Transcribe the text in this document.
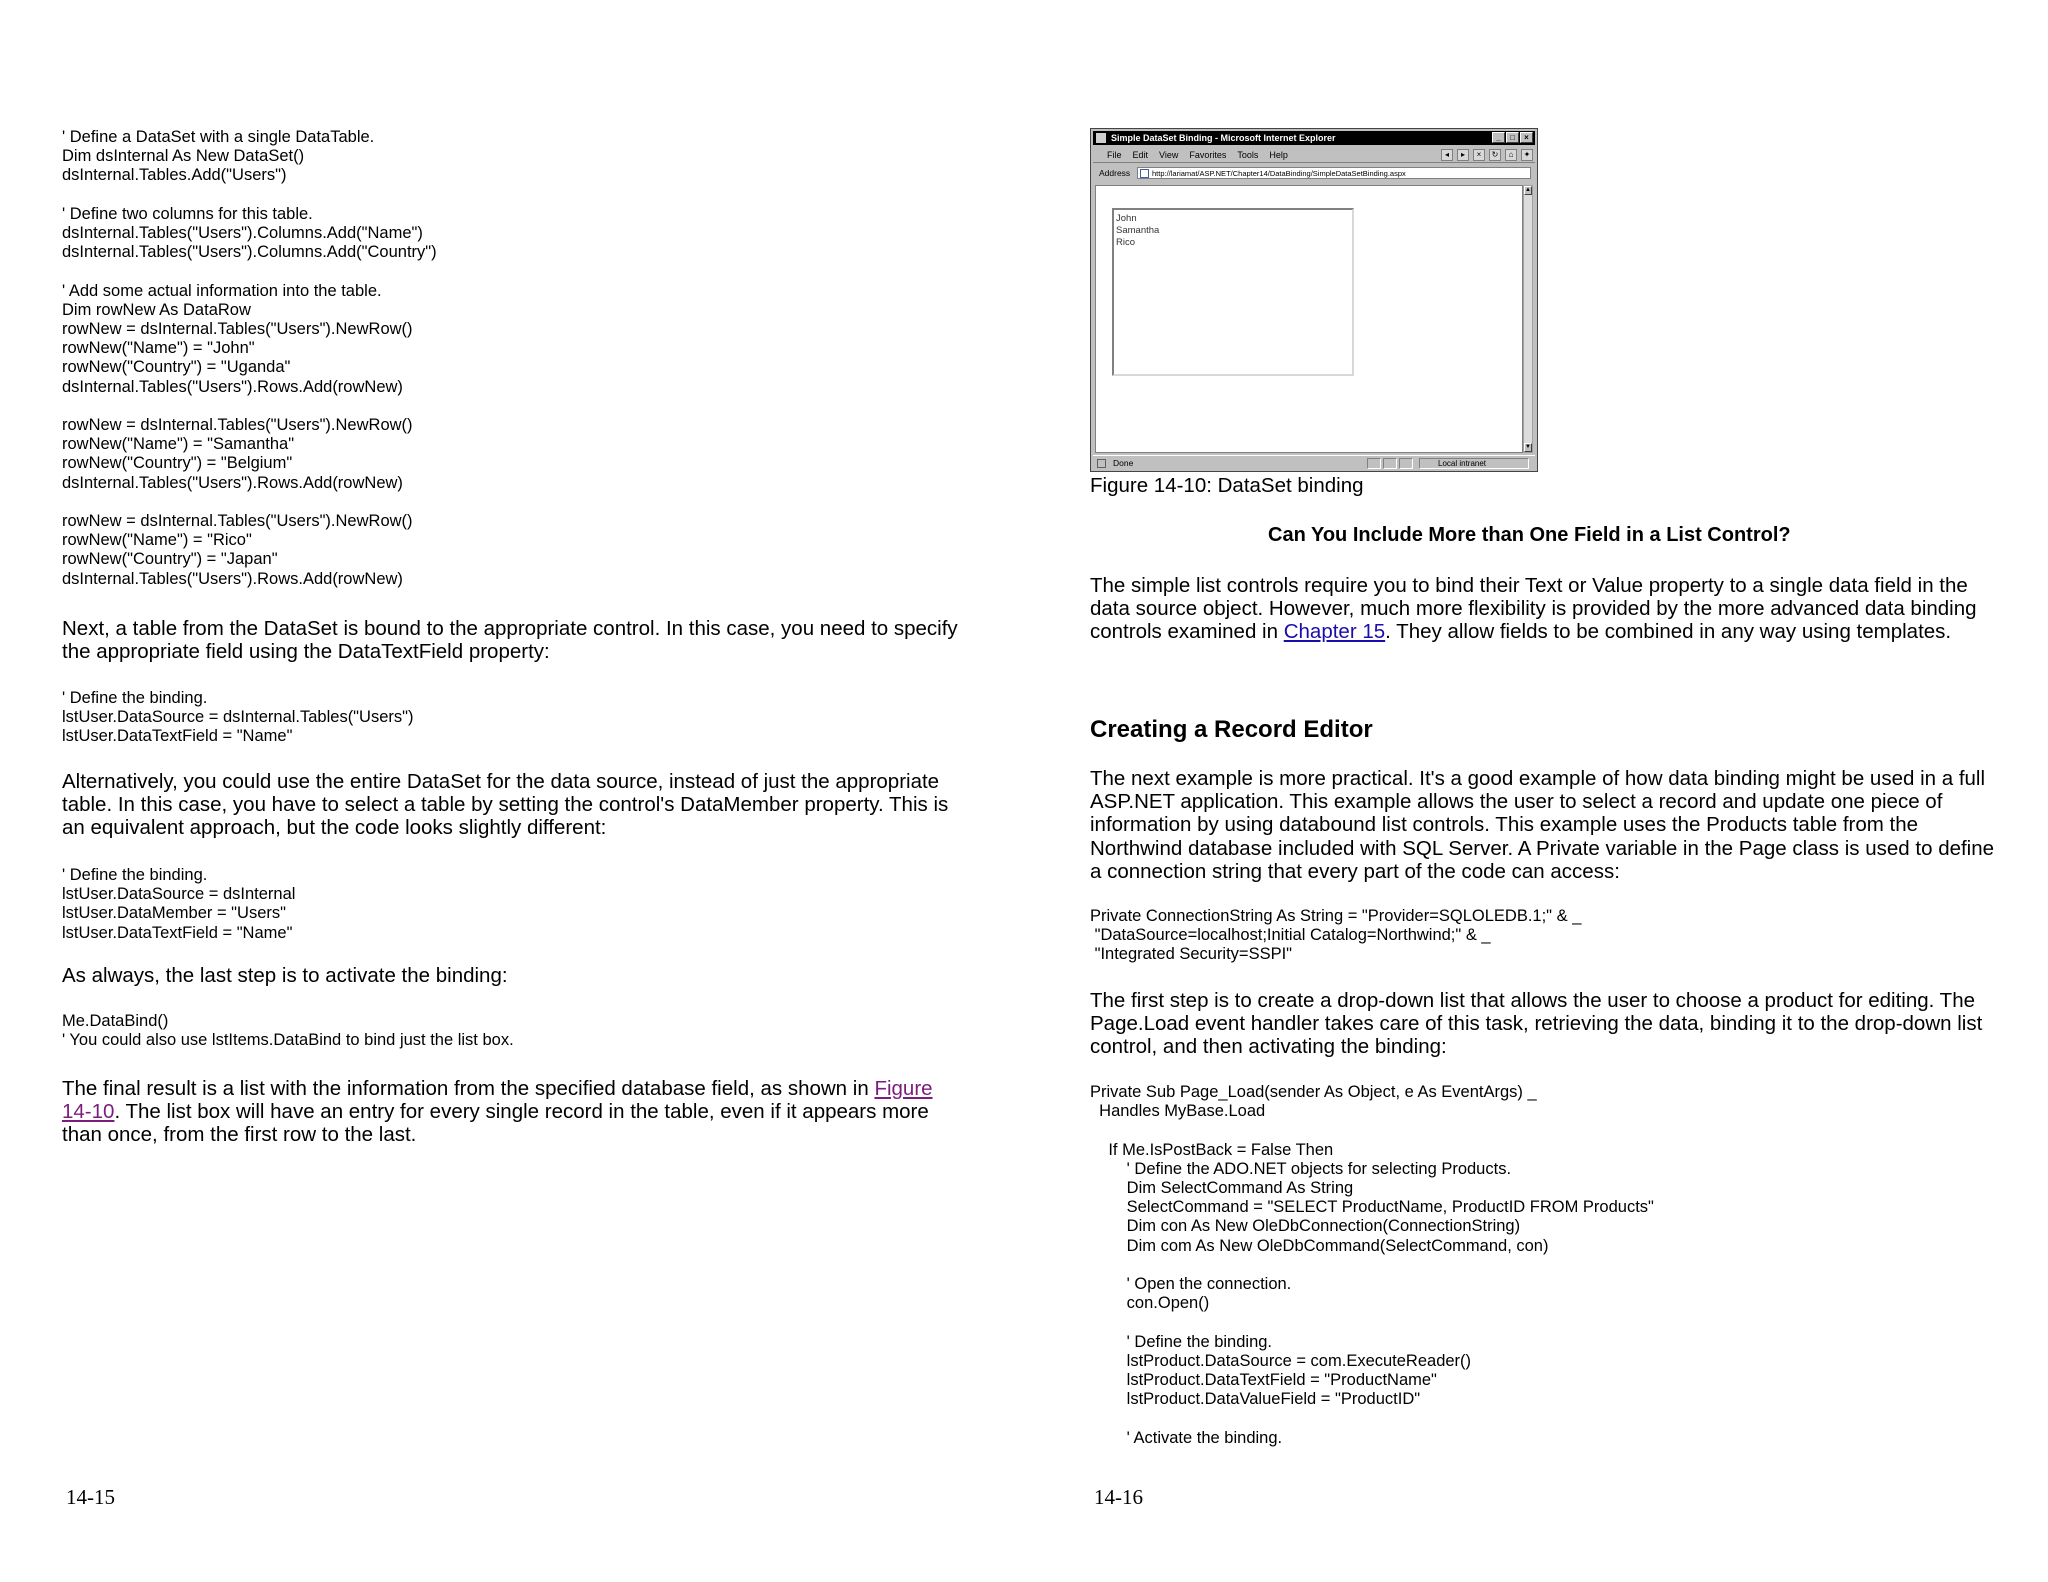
' Define a DataSet with a single DataTable.
Dim dsInternal As New DataSet()
dsInternal.Tables.Add("Users")

' Define two columns for this table.
dsInternal.Tables("Users").Columns.Add("Name")
dsInternal.Tables("Users").Columns.Add("Country")

' Add some actual information into the table.
Dim rowNew As DataRow
rowNew = dsInternal.Tables("Users").NewRow()
rowNew("Name") = "John"
rowNew("Country") = "Uganda"
dsInternal.Tables("Users").Rows.Add(rowNew)

rowNew = dsInternal.Tables("Users").NewRow()
rowNew("Name") = "Samantha"
rowNew("Country") = "Belgium"
dsInternal.Tables("Users").Rows.Add(rowNew)

rowNew = dsInternal.Tables("Users").NewRow()
rowNew("Name") = "Rico"
rowNew("Country") = "Japan"
dsInternal.Tables("Users").Rows.Add(rowNew)
Next, a table from the DataSet is bound to the appropriate control. In this case, you need to specify the appropriate field using the DataTextField property:
' Define the binding.
lstUser.DataSource = dsInternal.Tables("Users")
lstUser.DataTextField = "Name"
Alternatively, you could use the entire DataSet for the data source, instead of just the appropriate table. In this case, you have to select a table by setting the control's DataMember property. This is an equivalent approach, but the code looks slightly different:
' Define the binding.
lstUser.DataSource = dsInternal
lstUser.DataMember = "Users"
lstUser.DataTextField = "Name"
As always, the last step is to activate the binding:
Me.DataBind()
' You could also use lstItems.DataBind to bind just the list box.
The final result is a list with the information from the specified database field, as shown in Figure 14-10. The list box will have an entry for every single record in the table, even if it appears more than once, from the first row to the last.
14-15
Simple DataSet Binding - Microsoft Internet Explorer	_	□	×
File Edit View Favorites Tools Help	◂	▸	×	↻	⌂	✦
Address	http://lariamat/ASP.NET/Chapter14/DataBinding/SimpleDataSetBinding.aspx
John
Samantha
Rico
▲
▼
Done	Local intranet
Figure 14-10: DataSet binding
Can You Include More than One Field in a List Control?
The simple list controls require you to bind their Text or Value property to a single data field in the data source object. However, much more flexibility is provided by the more advanced data binding controls examined in Chapter 15. They allow fields to be combined in any way using templates.
Creating a Record Editor
The next example is more practical. It's a good example of how data binding might be used in a full ASP.NET application. This example allows the user to select a record and update one piece of information by using databound list controls. This example uses the Products table from the Northwind database included with SQL Server. A Private variable in the Page class is used to define a connection string that every part of the code can access:
Private ConnectionString As String = "Provider=SQLOLEDB.1;" & _
"DataSource=localhost;Initial Catalog=Northwind;" & _
"Integrated Security=SSPI"
The first step is to create a drop-down list that allows the user to choose a product for editing. The Page.Load event handler takes care of this task, retrieving the data, binding it to the drop-down list control, and then activating the binding:
Private Sub Page_Load(sender As Object, e As EventArgs) _
Handles MyBase.Load

If Me.IsPostBack = False Then
' Define the ADO.NET objects for selecting Products.
Dim SelectCommand As String
SelectCommand = "SELECT ProductName, ProductID FROM Products"
Dim con As New OleDbConnection(ConnectionString)
Dim com As New OleDbCommand(SelectCommand, con)

' Open the connection.
con.Open()

' Define the binding.
lstProduct.DataSource = com.ExecuteReader()
lstProduct.DataTextField = "ProductName"
lstProduct.DataValueField = "ProductID"

' Activate the binding.
14-16
